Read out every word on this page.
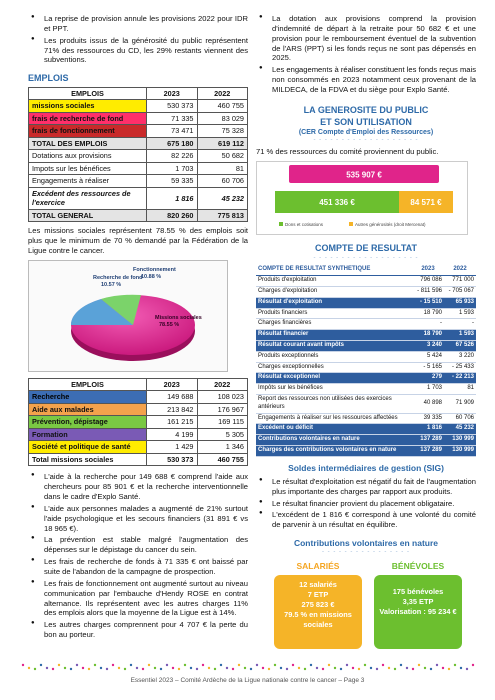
● La reprise de provision annule les provisions 2022 pour IDR et PPT.
● Les produits issus de la générosité du public représentent 71% des ressources du CD, les 29% restants viennent des subventions.
EMPLOIS
EMPLOIS	2023	2022
missions sociales	530 373	460 755
frais de recherche de fond	71 335	83 029
frais de fonctionnement	73 471	75 328
TOTAL DES EMPLOIS	675 180	619 112
Dotations aux provisions	82 226	50 682
Impots sur les bénéfices	1 703	81
Engagements à réaliser	59 335	60 706
Excédent des ressources de l'exercice	1 816	45 232
TOTAL GENERAL	820 260	775 813

Les missions sociales représentent 78.55 % des emplois soit plus que le minimum de 70 % demandé par la Fédération de la Ligue contre le cancer.

Recherche de fond
10.57 %
Fonctionnement
10.88 %
Missions sociales
78.55 %
EMPLOIS	2023	2022
Recherche	149 688	108 023
Aide aux malades	213 842	176 967
Prévention, dépistage	161 215	169 115
Formation	4 199	5 305
Société et politique de santé	1 429	1 346
Total missions sociales	530 373	460 755
● L'aide à la recherche pour 149 688 € comprend l'aide aux chercheurs pour 85 901 € et la recherche interventionnelle dans le cadre d'Explo Santé.
● L'aide aux personnes malades a augmenté de 21% surtout l'aide psychologique et les secours financiers (31 891 € vs 18 965 €).
● La prévention est stable malgré l'augmentation des dépenses sur le dépistage du cancer du sein.
● Les frais de recherche de fonds à 71 335 € ont baissé par suite de l'abandon de la campagne de prospection.
● Les frais de fonctionnement ont augmenté surtout au niveau communication par l'embauche d'Hendy ROSE en contrat alternance. Ils représentent avec les autres charges 11% des emplois alors que la moyenne de la Ligue est à 14%.
● Les autres charges comprennent pour 4 707 € la perte du bon au porteur.
● La dotation aux provisions comprend la provision d'indemnité de départ à la retraite pour 50 682 € et une provision pour le remboursement éventuel de la subvention de l'ARS (PPT) si les fonds reçus ne sont pas dépensés en 2025.
● Les engagements à réaliser constituent les fonds reçus mais non consommés en 2023 notamment ceux provenant de la MILDECA, de la FDVA et du siège pour Explo Santé.
LA GENEROSITE DU PUBLIC
ET SON UTILISATION
(CER Compte d'Emploi des Ressources)
- - - - - - - - - - - - - - - - - - -

71 % des ressources du comité proviennent du public.

535 907 €
451 336 €	84 571 €
Dons et cotisations	Autres générosités (droit Mercenat)
COMPTE DE RESULTAT
- - - - - - - - - - - - - - - - - - -
COMPTE DE RESULTAT SYNTHETIQUE	2023	2022
Produits d'exploitation	796 086	771 000
Charges d'exploitation	- 811 596	- 705 067
Résultat d'exploitation	- 15 510	65 933
Produits financiers	18 790	1 593
Charges financières	-	-
Résultat financier	18 790	1 593
Résultat courant avant impôts	3 240	67 526
Produits exceptionnels	5 424	3 220
Charges exceptionnelles	- 5 165	- 25 433
Résultat exceptionnel	279	- 22 213
Impôts sur les bénéfices	1 703	81
Report des ressources non utilisées des exercices antérieurs	40 898	71 909
Engagements à réaliser sur les ressources affectées	39 335	60 706
Excédent ou déficit	1 816	45 232
Contributions volontaires en nature	137 289	130 999
Charges des contributions volontaires en nature	137 289	130 999
Soldes intermédiaires de gestion (SIG)
● Le résultat d'exploitation est négatif du fait de l'augmentation plus importante des charges par rapport aux produits.
● Le résultat financier provient du placement obligataire.
● L'excédent de 1 816 € correspond à une volonté du comité de parvenir à un résultat en équilibre.
Contributions volontaires en nature
- - - - - - - - - - - - - - - -
SALARIÉS	BÉNÉVOLES
12 salariés
7 ETP
275 823 €
79.5 % en missions sociales
175 bénévoles
3,35 ETP
Valorisation : 95 234 €
Essentiel 2023 – Comité Ardèche de la Ligue nationale contre le cancer – Page 3
